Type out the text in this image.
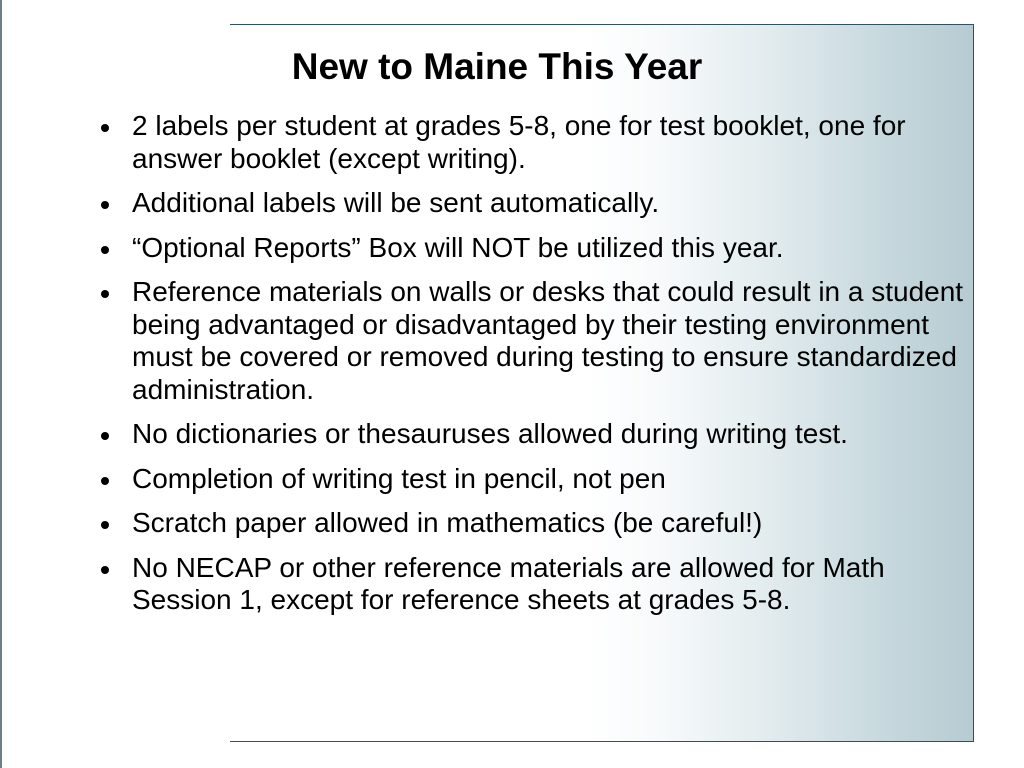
New to Maine This Year
2 labels per student at grades 5-8, one for test booklet, one for answer booklet (except writing).
Additional labels will be sent automatically.
“Optional Reports” Box will NOT be utilized this year.
Reference materials on walls or desks that could result in a student being advantaged or disadvantaged by their testing environment must be covered or removed during testing to ensure standardized administration.
No dictionaries or thesauruses allowed during writing test.
Completion of writing test in pencil, not pen
Scratch paper allowed in mathematics (be careful!)
No NECAP or other reference materials are allowed for Math Session 1, except for reference sheets at grades 5-8.
